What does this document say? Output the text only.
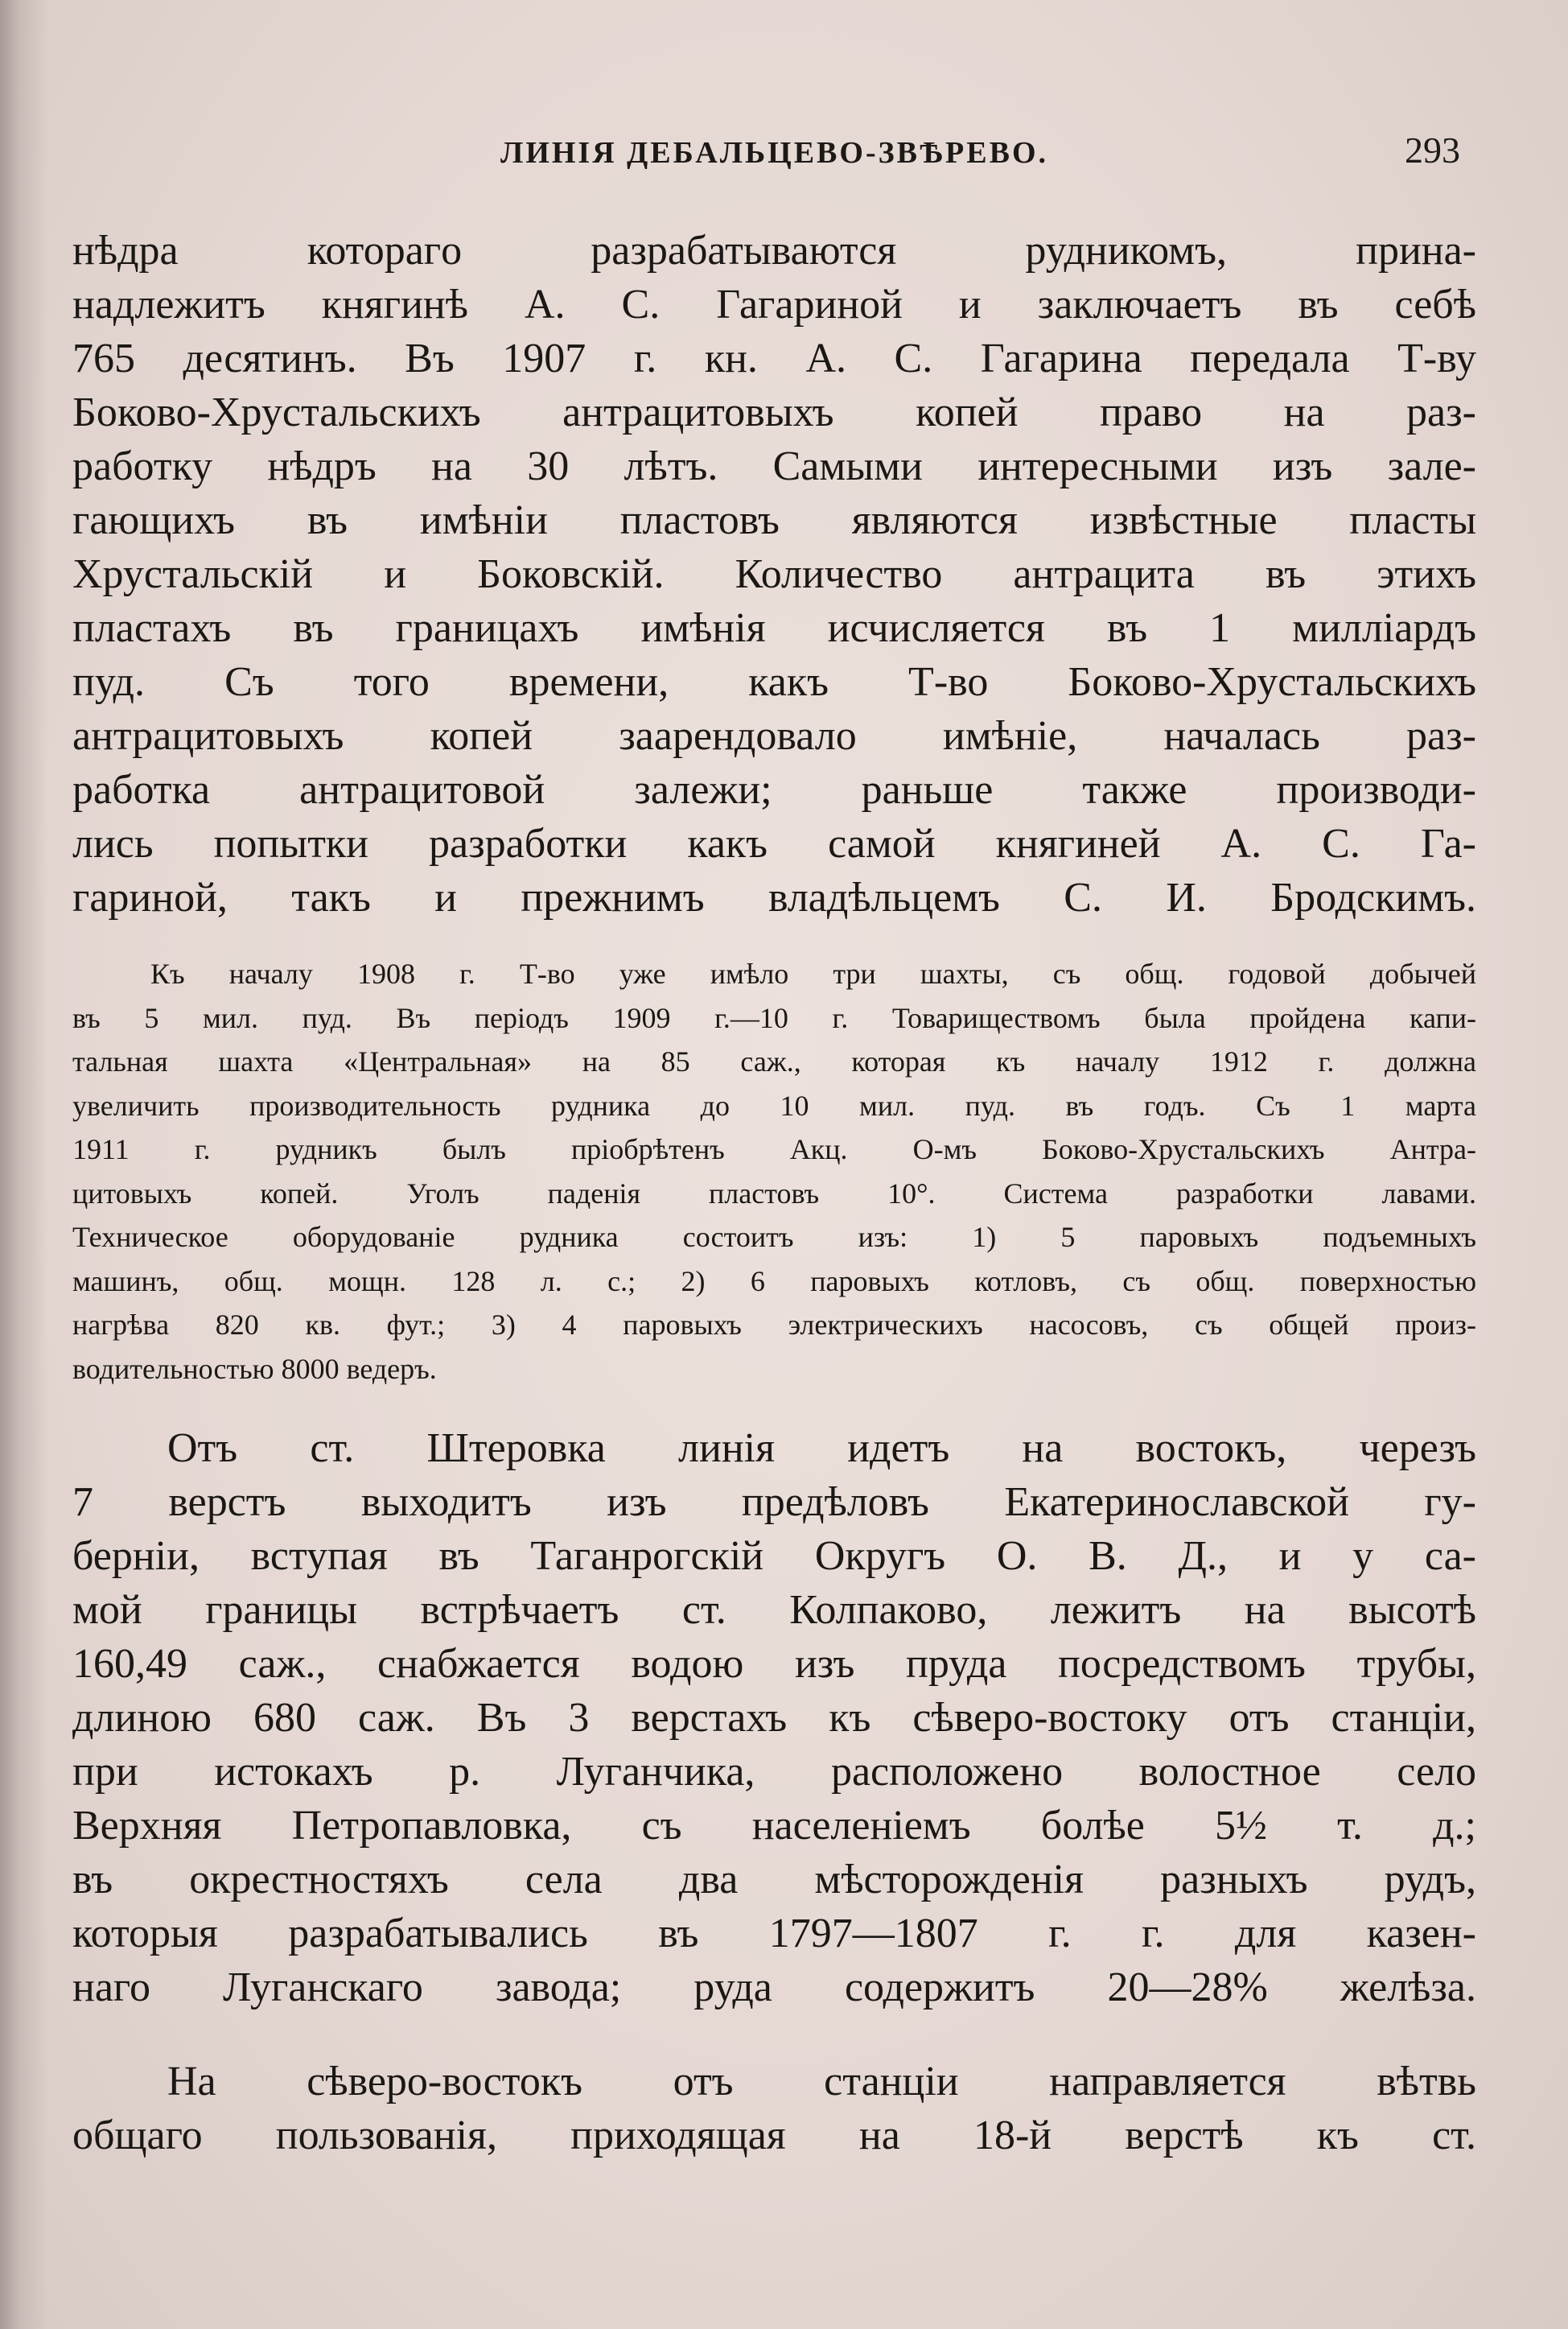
ЛИНІЯ ДЕБАЛЬЦЕВО-ЗВѢРЕВО.	293
нѣдра которагo разрабатываются рудникомъ, прина-
надлежитъ княгинѣ А. С. Гагариной и заключаетъ въ себѣ
765 десятинъ. Въ 1907 г. кн. А. С. Гагарина передала Т-ву
Боково-Хрустальскихъ антрацитовыхъ копей право на раз-
работку нѣдръ на 30 лѣтъ. Самыми интересными изъ зале-
гающихъ въ имѣніи пластовъ являются извѣстные пласты
Хрустальскій и Боковскій. Количество антрацита въ этихъ
пластахъ въ границахъ имѣнія исчисляется въ 1 миллiардъ
пуд. Съ того времени, какъ Т-во Боково-Хрустальскихъ
антрацитовыхъ копей заарендовало имѣніе, началась раз-
работка антрацитовой залежи; раньше также производи-
лись попытки разработки какъ самой княгиней А. С. Га-
гариной, такъ и прежнимъ владѣльцемъ С. И. Бродскимъ.
Къ началу 1908 г. Т-во уже имѣло три шахты, съ общ. годовой добычей
въ 5 мил. пуд. Въ періодъ 1909 г.—10 г. Товариществомъ была пройдена капи-
тальная шахта «Центральная» на 85 саж., которая къ началу 1912 г. должна
увеличить производительность рудника до 10 мил. пуд. въ годъ. Съ 1 марта
1911 г. рудникъ былъ пріобрѣтенъ Акц. О-мъ Боково-Хрустальскихъ Антра-
цитовыхъ копей. Уголъ паденія пластовъ 10°. Система разработки лавами.
Техническое оборудованіе рудника состоитъ изъ: 1) 5 паровыхъ подъемныхъ
машинъ, общ. мощн. 128 л. с.; 2) 6 паровыхъ котловъ, съ общ. поверхностью
нагрѣва 820 кв. фут.; 3) 4 паровыхъ электрическихъ насосовъ, съ общей произ-
водительностью 8000 ведеръ.
Отъ ст. Штеровка линія идетъ на востокъ, черезъ
7 верстъ выходитъ изъ предѣловъ Екатеринославской гу-
берніи, вступая въ Таганрогскій Округъ О. В. Д., и у са-
мой границы встрѣчаетъ ст. Колпаково, лежитъ на высотѣ
160,49 саж., снабжается водою изъ пруда посредствомъ трубы,
длиною 680 саж. Въ 3 верстахъ къ сѣверо-востоку отъ станціи,
при истокахъ р. Луганчика, расположено волостное село
Верхняя Петропавловка, съ населеніемъ болѣе 5½ т. д.;
въ окрестностяхъ села два мѣсторожденія разныхъ рудъ,
которыя разрабатывались въ 1797—1807 г. г. для казен-
наго Луганскаго завода; руда содержитъ 20—28% желѣза.
На сѣверо-востокъ отъ станціи направляется вѣтвь
общаго пользованія, приходящая на 18-й верстѣ къ ст.
